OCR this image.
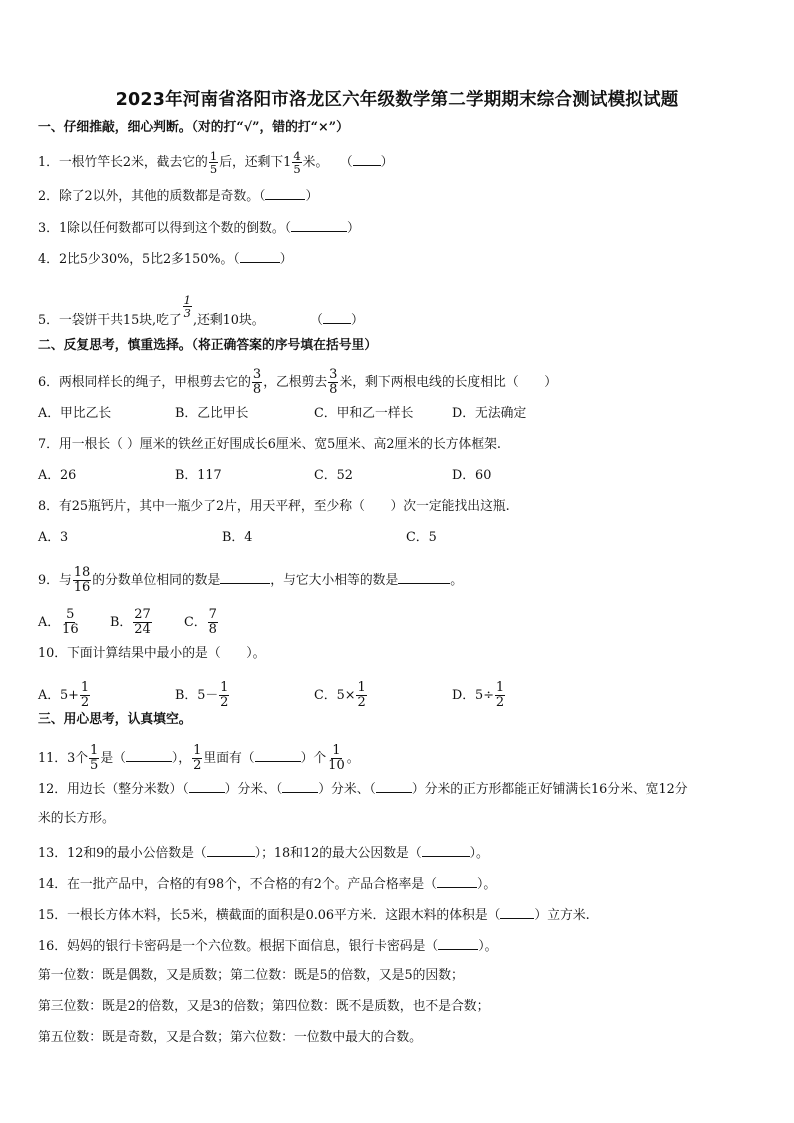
2023年河南省洛阳市洛龙区六年级数学第二学期期末综合测试模拟试题
一、仔细推敲，细心判断。（对的打“√”，错的打“×”）
1．一根竹竿长2米，截去它的 $\frac{1}{5}$ 后，还剩下$1 \frac{4}{5}$ 米。 （ ）
2．除了2以外，其他的质数都是奇数。（	）
3．1除以任何数都可以得到这个数的倒数。（	）
4．2比5少30%，5比2多150%。（	）
5．一袋饼干共15块,吃了
$\frac{1}{3}$
,还剩10块。	（ ）
二、反复思考，慎重选择。（将正确答案的序号填在括号里）
6．两根同样长的绳子，甲根剪去它的 $\frac{3}{8}$ ，乙根剪去 $\frac{3}{8}$ 米，剩下两根电线的长度相比（　　）
A．甲比乙长	B．乙比甲长	C．甲和乙一样长	D．无法确定
7．用一根长（ ）厘米的铁丝正好围成长6厘米、宽5厘米、高2厘米的长方体框架.
A．26	B．117	C．52	D．60
8．有25瓶钙片，其中一瓶少了2片，用天平秤，至少称（　　）次一定能找出这瓶.
A．3	B．4	C．5
9．与 $\frac{18}{16}$ 的分数单位相同的数是	，与它大小相等的数是	。
A． $\frac{5}{16}$ B． $\frac{27}{24}$	C． $\frac{7}{8}$
10．下面计算结果中最小的是（　　）。
A．$5+ \frac{1}{2}$	B．$5- \frac{1}{2}$	C．$5\times \frac{1}{2}$	D．$5\div \frac{1}{2}$
三、用心思考，认真填空。
11．3个 $\frac{1}{5}$ 是（	）， $\frac{1}{2}$ 里面有（	）个 $\frac{1}{10}$ 。
12．用边长（整分米数）（	）分米、（	）分米、（	）分米的正方形都能正好铺满长16分米、宽12分
米的长方形。
13．12和9的最小公倍数是（	）；18和12的最大公因数是（	）。
14．在一批产品中，合格的有98个，不合格的有2个。产品合格率是（	）。
15．一根长方体木料，长5米，横截面的面积是0.06平方米．这跟木料的体积是（	）立方米.
16．妈妈的银行卡密码是一个六位数。根据下面信息，银行卡密码是（	）。
第一位数：既是偶数，又是质数；第二位数：既是5的倍数，又是5的因数；
第三位数：既是2的倍数，又是3的倍数；第四位数：既不是质数，也不是合数；
第五位数：既是奇数，又是合数；第六位数：一位数中最大的合数。
